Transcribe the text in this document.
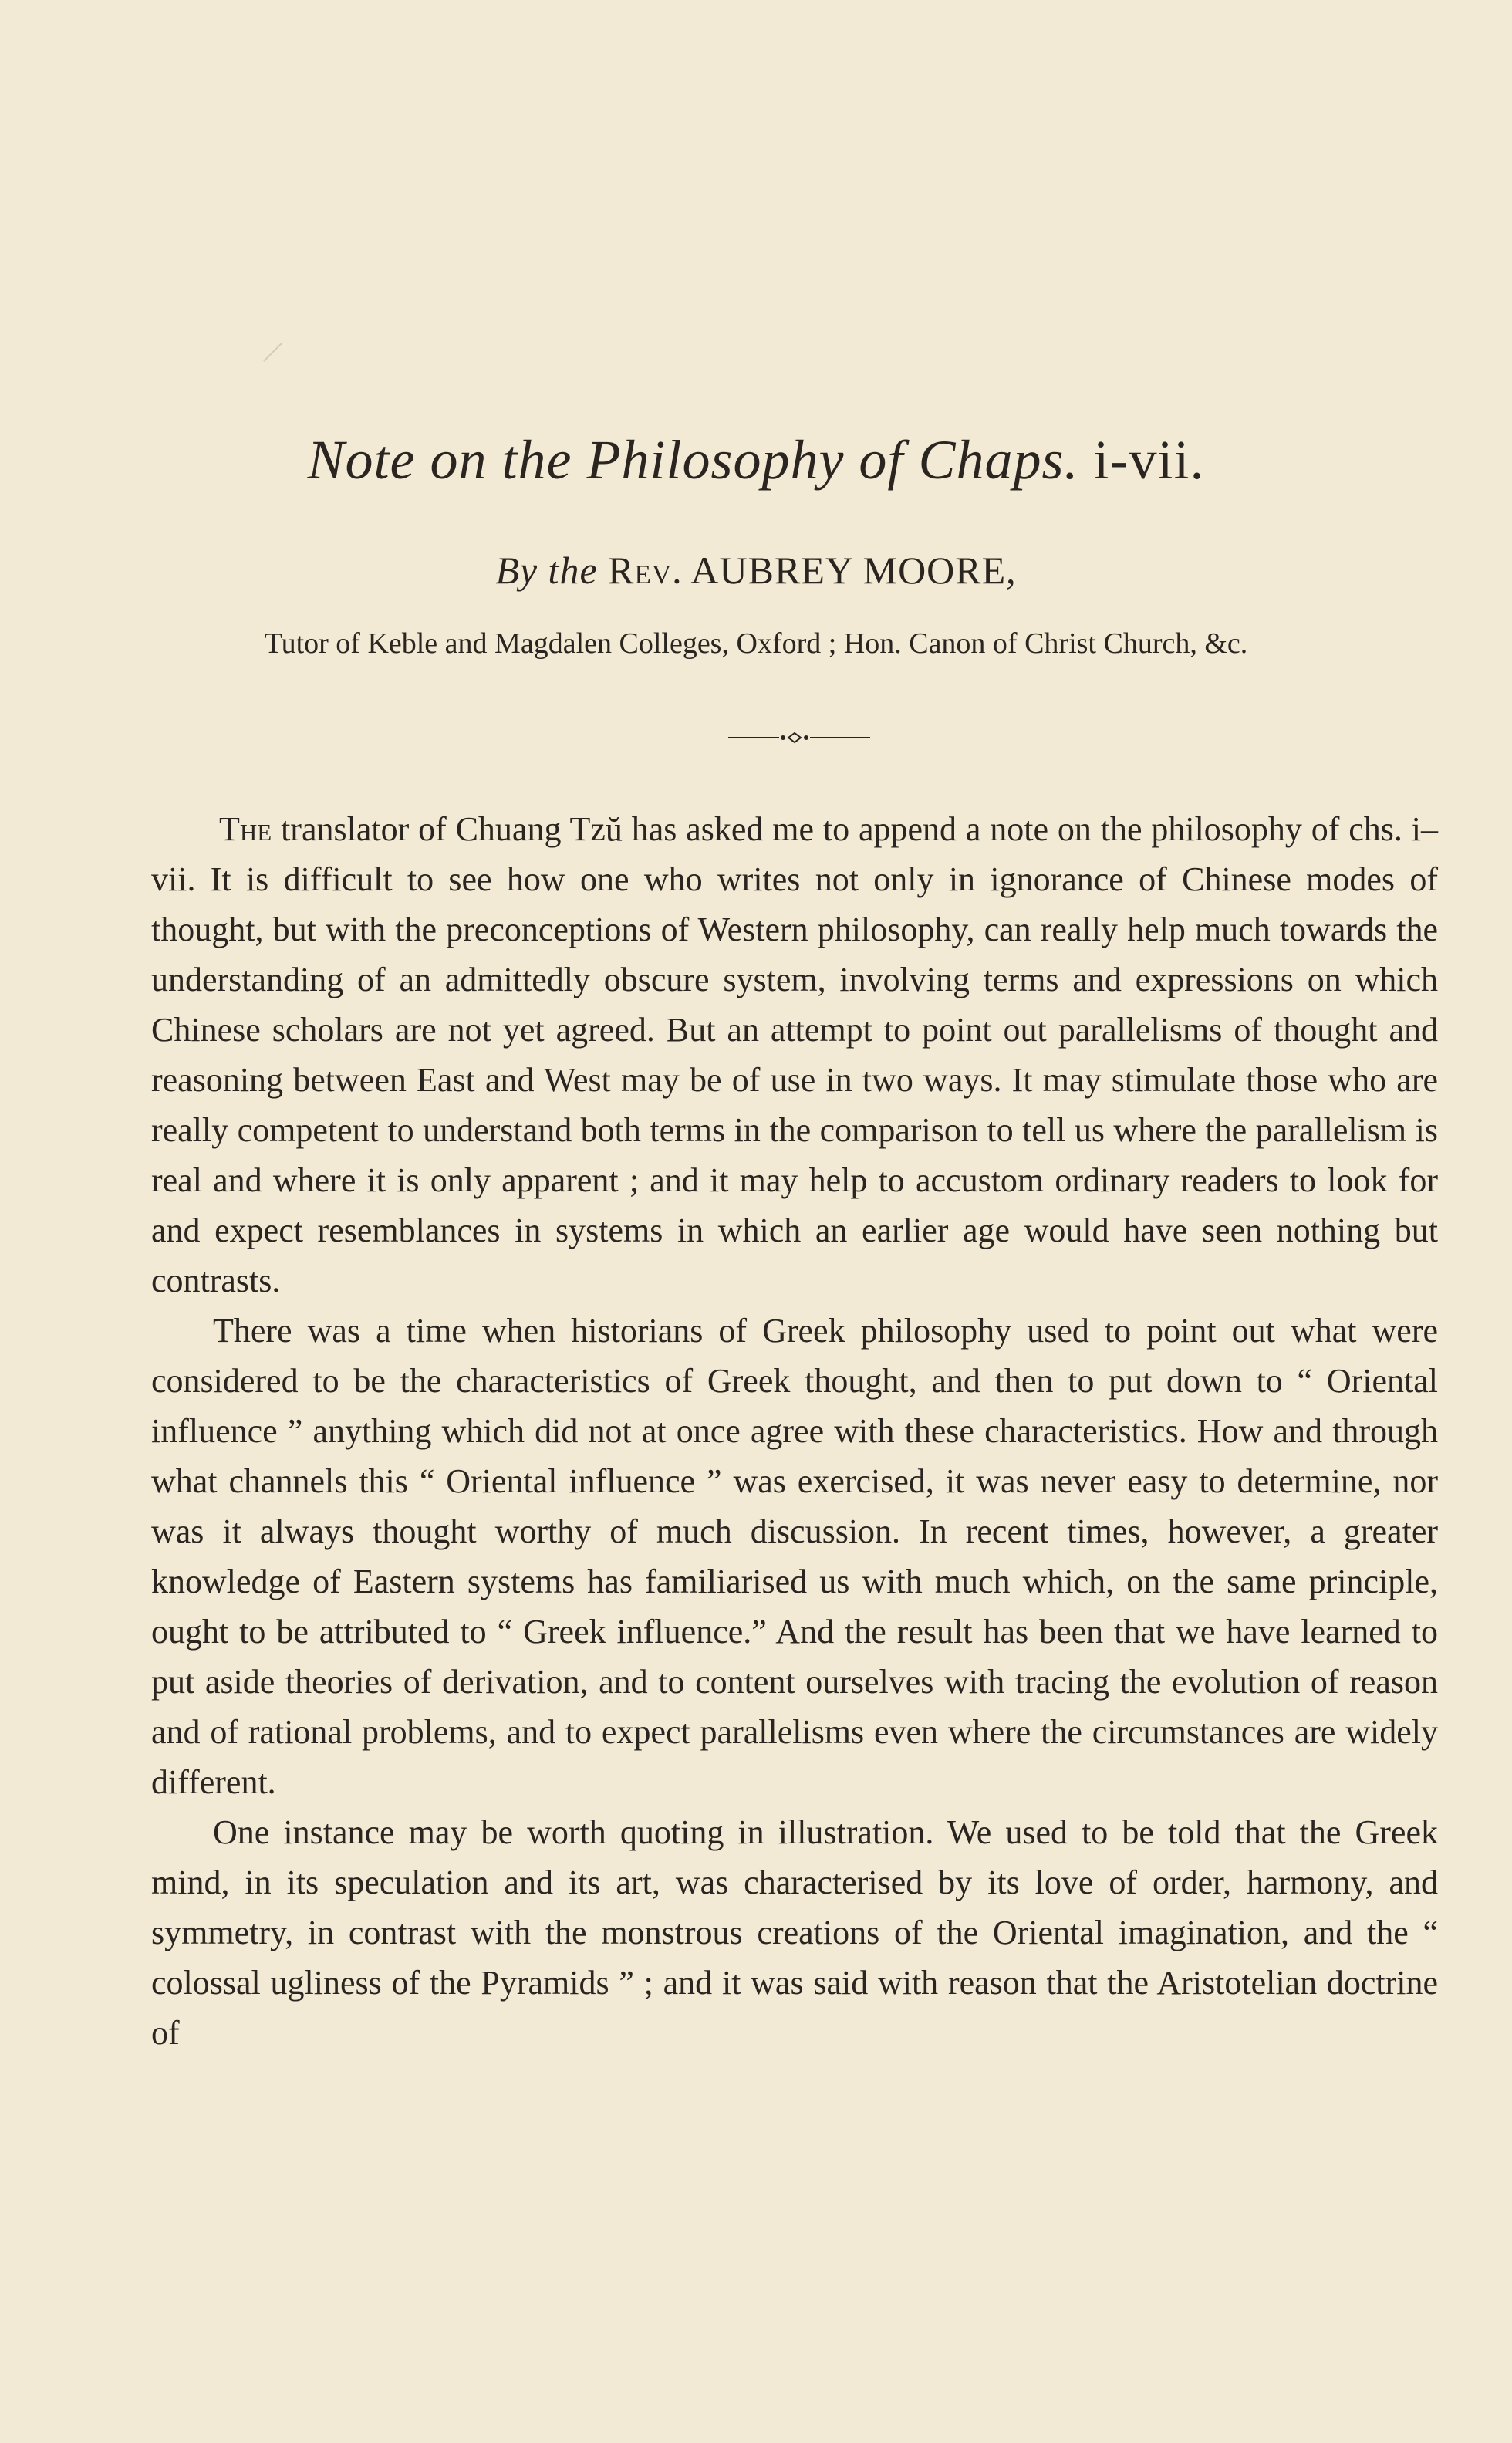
Note on the Philosophy of Chaps. i-vii.
By the Rev. AUBREY MOORE,
Tutor of Keble and Magdalen Colleges, Oxford ; Hon. Canon of Christ Church, &c.

The translator of Chuang Tzŭ has asked me to append a note on the philosophy of chs. i–vii. It is difficult to see how one who writes not only in ignorance of Chinese modes of thought, but with the preconceptions of Western philosophy, can really help much towards the understanding of an admittedly obscure system, involving terms and expressions on which Chinese scholars are not yet agreed. But an attempt to point out parallelisms of thought and reasoning between East and West may be of use in two ways. It may stimulate those who are really competent to understand both terms in the comparison to tell us where the parallelism is real and where it is only apparent ; and it may help to accustom ordinary readers to look for and expect resemblances in systems in which an earlier age would have seen nothing but contrasts.

There was a time when historians of Greek philosophy used to point out what were considered to be the characteristics of Greek thought, and then to put down to “ Oriental influence ” anything which did not at once agree with these characteristics. How and through what channels this “ Oriental influence ” was exercised, it was never easy to determine, nor was it always thought worthy of much discussion. In recent times, however, a greater knowledge of Eastern systems has familiarised us with much which, on the same principle, ought to be attributed to “ Greek influence.” And the result has been that we have learned to put aside theories of derivation, and to content ourselves with tracing the evolution of reason and of rational problems, and to expect parallelisms even where the circumstances are widely different.

One instance may be worth quoting in illustration. We used to be told that the Greek mind, in its speculation and its art, was characterised by its love of order, harmony, and symmetry, in contrast with the monstrous creations of the Oriental imagination, and the “ colossal ugliness of the Pyramids ” ; and it was said with reason that the Aristotelian doctrine of
